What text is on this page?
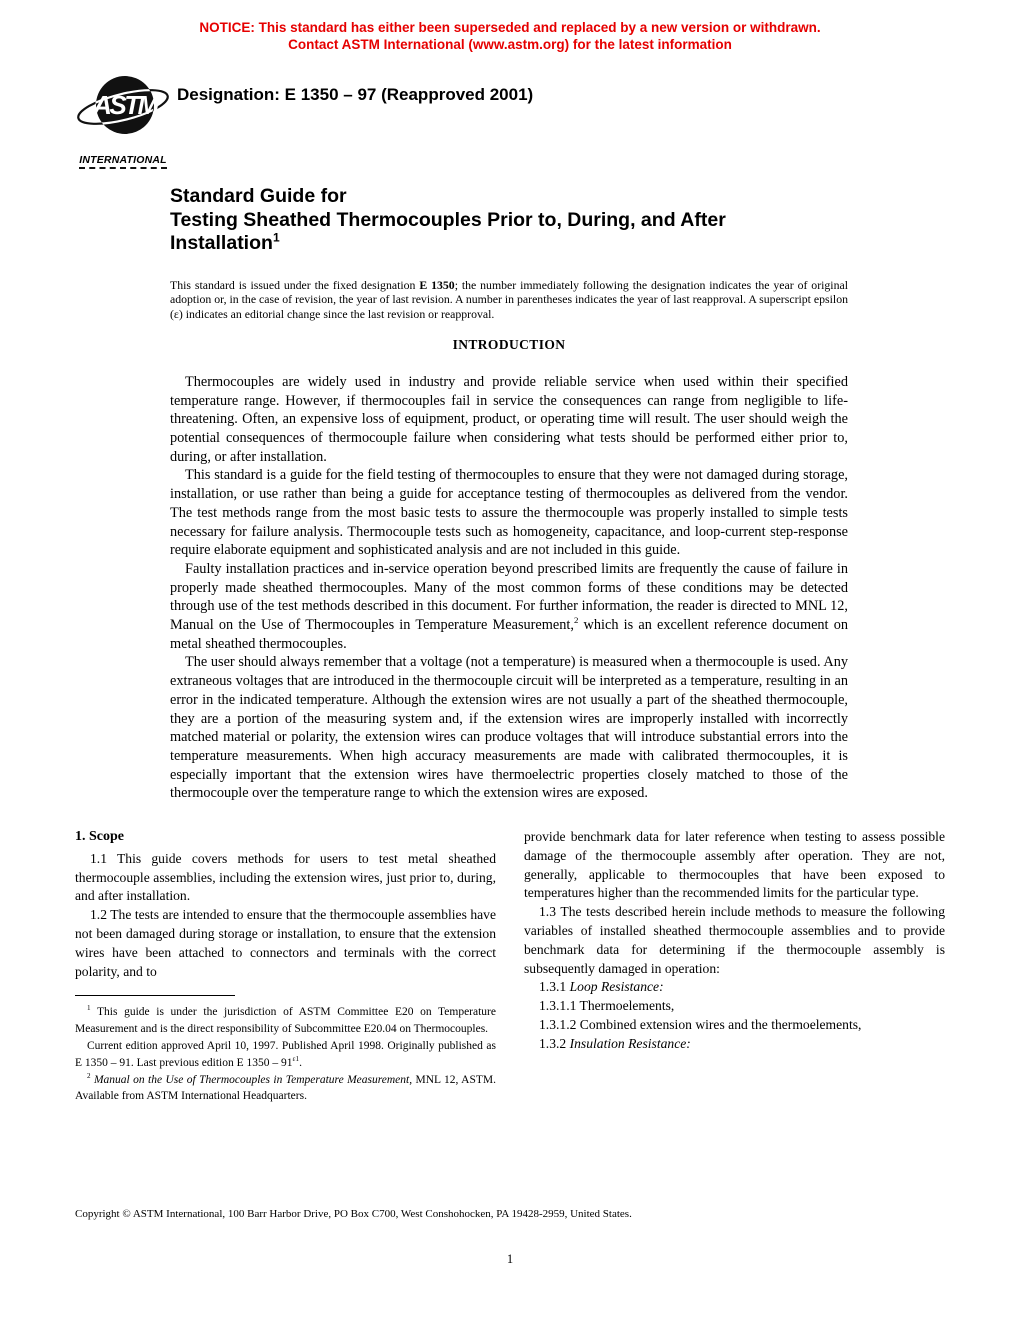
NOTICE: This standard has either been superseded and replaced by a new version or withdrawn.
Contact ASTM International (www.astm.org) for the latest information
ASTM
INTERNATIONAL
Designation: E 1350 – 97 (Reapproved 2001)
Standard Guide for
Testing Sheathed Thermocouples Prior to, During, and After
Installation$^1$
This standard is issued under the fixed designation E 1350; the number immediately following the designation indicates the year of original adoption or, in the case of revision, the year of last revision. A number in parentheses indicates the year of last reapproval. A superscript epsilon (ε) indicates an editorial change since the last revision or reapproval.
INTRODUCTION

Thermocouples are widely used in industry and provide reliable service when used within their specified temperature range. However, if thermocouples fail in service the consequences can range from negligible to life-threatening. Often, an expensive loss of equipment, product, or operating time will result. The user should weigh the potential consequences of thermocouple failure when considering what tests should be performed either prior to, during, or after installation.

This standard is a guide for the field testing of thermocouples to ensure that they were not damaged during storage, installation, or use rather than being a guide for acceptance testing of thermocouples as delivered from the vendor. The test methods range from the most basic tests to assure the thermocouple was properly installed to simple tests necessary for failure analysis. Thermocouple tests such as homogeneity, capacitance, and loop-current step-response require elaborate equipment and sophisticated analysis and are not included in this guide.

Faulty installation practices and in-service operation beyond prescribed limits are frequently the cause of failure in properly made sheathed thermocouples. Many of the most common forms of these conditions may be detected through use of the test methods described in this document. For further information, the reader is directed to MNL 12, Manual on the Use of Thermocouples in Temperature Measurement,$^2$ which is an excellent reference document on metal sheathed thermocouples.

The user should always remember that a voltage (not a temperature) is measured when a thermocouple is used. Any extraneous voltages that are introduced in the thermocouple circuit will be interpreted as a temperature, resulting in an error in the indicated temperature. Although the extension wires are not usually a part of the sheathed thermocouple, they are a portion of the measuring system and, if the extension wires are improperly installed with incorrectly matched material or polarity, the extension wires can produce voltages that will introduce substantial errors into the temperature measurements. When high accuracy measurements are made with calibrated thermocouples, it is especially important that the extension wires have thermoelectric properties closely matched to those of the thermocouple over the temperature range to which the extension wires are exposed.

1. Scope

1.1 This guide covers methods for users to test metal sheathed thermocouple assemblies, including the extension wires, just prior to, during, and after installation.

1.2 The tests are intended to ensure that the thermocouple assemblies have not been damaged during storage or installation, to ensure that the extension wires have been attached to connectors and terminals with the correct polarity, and to

$^1$ This guide is under the jurisdiction of ASTM Committee E20 on Temperature Measurement and is the direct responsibility of Subcommittee E20.04 on Thermocouples.

Current edition approved April 10, 1997. Published April 1998. Originally published as E 1350 – 91. Last previous edition E $1350 - 91^{\varepsilon 1}$.

$^2$ Manual on the Use of Thermocouples in Temperature Measurement, MNL 12, ASTM. Available from ASTM International Headquarters.

provide benchmark data for later reference when testing to assess possible damage of the thermocouple assembly after operation. They are not, generally, applicable to thermocouples that have been exposed to temperatures higher than the recommended limits for the particular type.

1.3 The tests described herein include methods to measure the following variables of installed sheathed thermocouple assemblies and to provide benchmark data for determining if the thermocouple assembly is subsequently damaged in operation:

1.3.1 Loop Resistance:

1.3.1.1 Thermoelements,

1.3.1.2 Combined extension wires and the thermoelements,

1.3.2 Insulation Resistance:

Copyright © ASTM International, 100 Barr Harbor Drive, PO Box C700, West Conshohocken, PA 19428-2959, United States.
1
